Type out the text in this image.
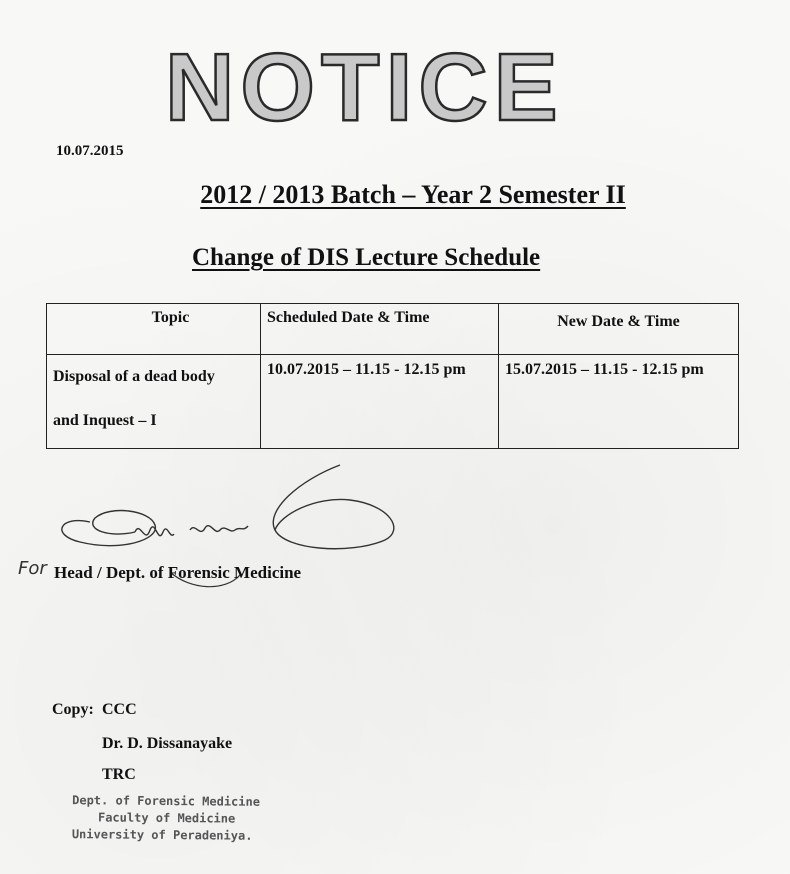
NOTICE
10.07.2015
2012 / 2013 Batch – Year 2 Semester II
Change of DIS Lecture Schedule
Topic	Scheduled Date & Time	New Date & Time

Disposal of a dead body
and Inquest – I	10.07.2015 – 11.15 - 12.15 pm	15.07.2015 – 11.15 - 12.15 pm
For Head / Dept. of Forensic Medicine
Copy: CCC
Dr. D. Dissanayake
TRC
Dept. of Forensic Medicine
Faculty of Medicine
University of Peradeniya.
